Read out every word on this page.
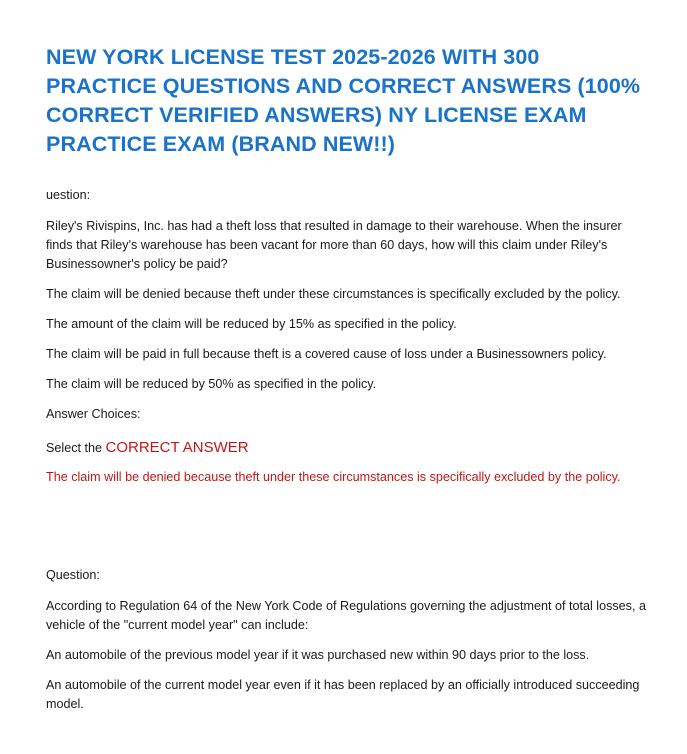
NEW YORK LICENSE TEST 2025-2026 WITH 300 PRACTICE QUESTIONS AND CORRECT ANSWERS (100% CORRECT VERIFIED ANSWERS) NY LICENSE EXAM PRACTICE EXAM (BRAND NEW!!)

uestion:

Riley's Rivispins, Inc. has had a theft loss that resulted in damage to their warehouse. When the insurer finds that Riley's warehouse has been vacant for more than 60 days, how will this claim under Riley's Businessowner's policy be paid?

The claim will be denied because theft under these circumstances is specifically excluded by the policy.

The amount of the claim will be reduced by 15% as specified in the policy.

The claim will be paid in full because theft is a covered cause of loss under a Businessowners policy.

The claim will be reduced by 50% as specified in the policy.

Answer Choices:

Select the CORRECT ANSWER

The claim will be denied because theft under these circumstances is specifically excluded by the policy.

Question:

According to Regulation 64 of the New York Code of Regulations governing the adjustment of total losses, a vehicle of the "current model year" can include:

An automobile of the previous model year if it was purchased new within 90 days prior to the loss.

An automobile of the current model year even if it has been replaced by an officially introduced succeeding model.
